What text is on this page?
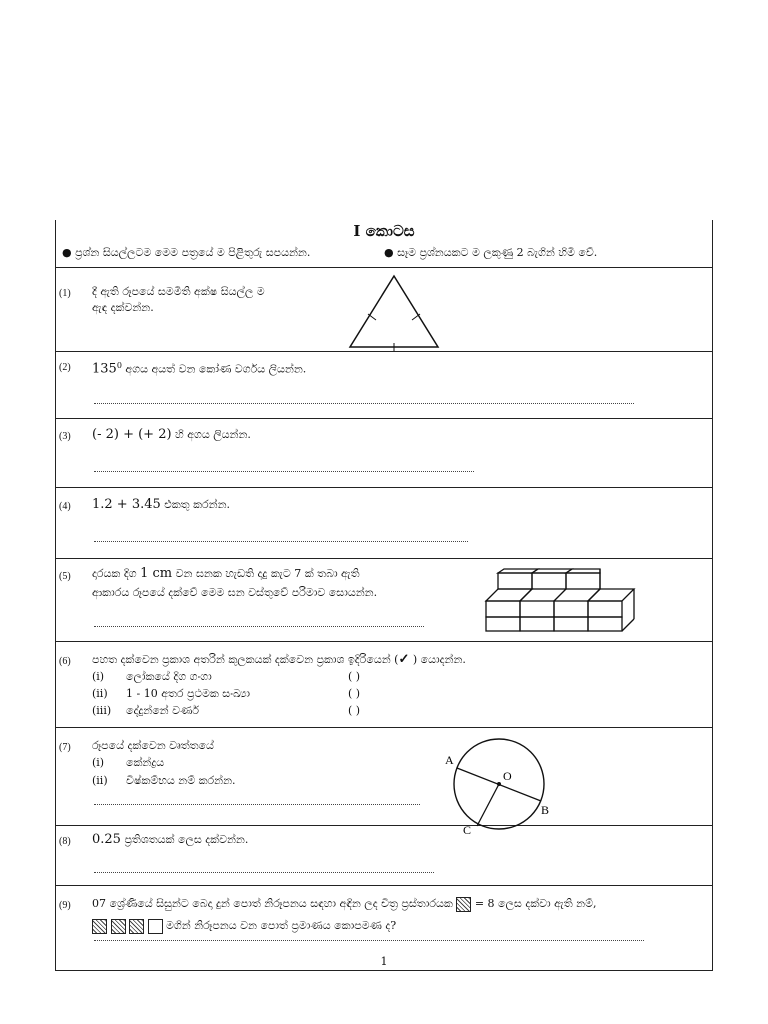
I කොටස
● ප්‍රශ්න සියල්ලටම මෙම පත්‍රයේ ම පිළිතුරු සපයන්න.	● සෑම ප්‍රශ්නයකට ම ලකුණු 2 බැගින් හිමි වේ.
(1) දී ඇති රූපයේ සමමිති අක්ෂ සියල්ල ම
ඇඳ දක්වන්න.
(2) $135^0$ අගය අයත් වන කෝණ වර්ගය ලියන්න.
(3) (- 2) + (+ 2) හි අගය ලියන්න.
(4) 1.2 + 3.45 එකතු කරන්න.
(5) දාරයක දිග 1 cm වන ඝනක හැඩති දාදු කැට 7 ක් තබා ඇති
ආකාරය රූපයේ දක්වේ මෙම ඝන වස්තුවේ පරිමාව සොයන්න.
(6) පහත දක්වෙන ප්‍රකාශ අතරින් කුලකයක් දක්වෙන ප්‍රකාශ ඉදිරියෙන් (✓ ) යොදන්න.
(i) ලෝකයේ දිග ගංගා	( )
(ii) 1 - 10 අතර ප්‍රථමක සංඛ්‍යා	( )
(iii) දේදුන්නේ වර්ණ	( )
(7) රූපයේ දක්වෙන වෘත්තයේ
(i) කේන්ද්‍රය
(ii) විෂ්කම්භය නම් කරන්න.
A
O
B
C
(8) 0.25 ප්‍රතිශතයක් ලෙස දක්වන්න.
(9) 07 ශ්‍රේණියේ සිසුන්ට බෙදා දුන් පොත් නිරූපනය සඳහා අඳින ලද චිත්‍ර ප්‍රස්තාරයක = 8 ලෙස දක්වා ඇති නම්,
මගින් නිරූපනය වන පොත් ප්‍රමාණය කොපමණ ද?
1
